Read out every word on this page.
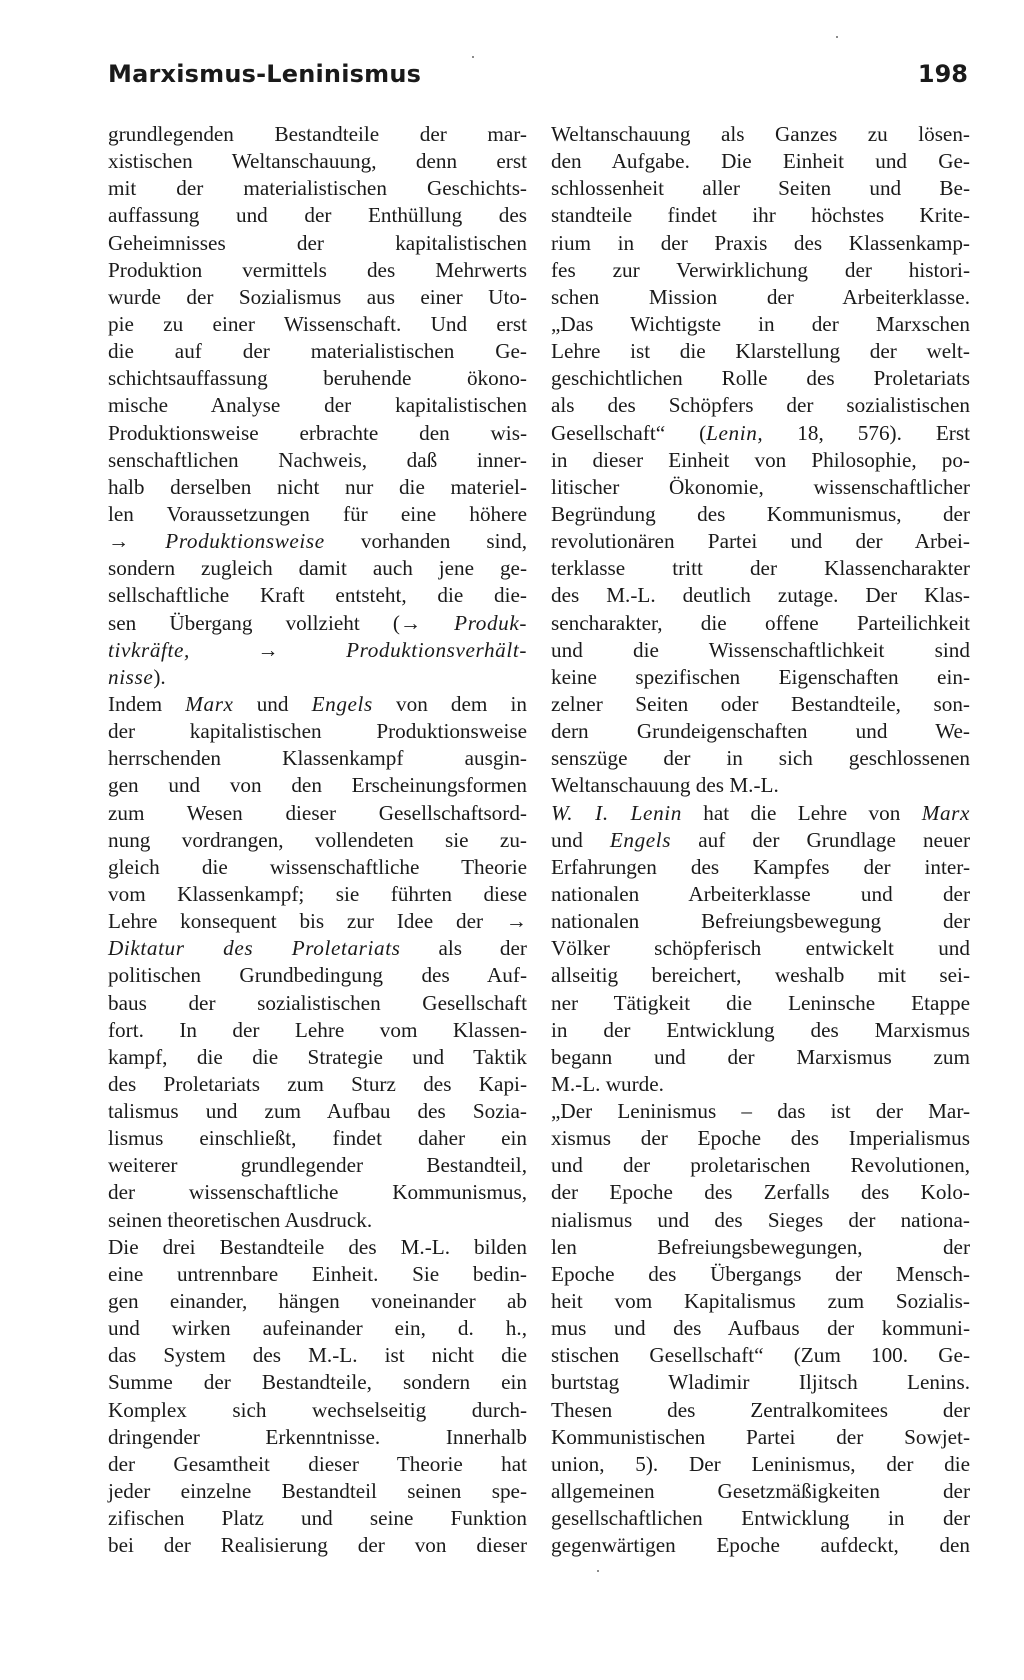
Marxismus-Leninismus	198
grundlegenden Bestandteile der mar-
xistischen Weltanschauung, denn erst
mit der materialistischen Geschichts-
auffassung und der Enthüllung des
Geheimnisses der kapitalistischen
Produktion vermittels des Mehrwerts
wurde der Sozialismus aus einer Uto-
pie zu einer Wissenschaft. Und erst
die auf der materialistischen Ge-
schichtsauffassung beruhende ökono-
mische Analyse der kapitalistischen
Produktionsweise erbrachte den wis-
senschaftlichen Nachweis, daß inner-
halb derselben nicht nur die materiel-
len Voraussetzungen für eine höhere
→ Produktionsweise vorhanden sind,
sondern zugleich damit auch jene ge-
sellschaftliche Kraft entsteht, die die-
sen Übergang vollzieht (→ Produk-
tivkräfte, → Produktionsverhält-
nisse).
Indem Marx und Engels von dem in
der kapitalistischen Produktionsweise
herrschenden Klassenkampf ausgin-
gen und von den Erscheinungsformen
zum Wesen dieser Gesellschaftsord-
nung vordrangen, vollendeten sie zu-
gleich die wissenschaftliche Theorie
vom Klassenkampf; sie führten diese
Lehre konsequent bis zur Idee der →
Diktatur des Proletariats als der
politischen Grundbedingung des Auf-
baus der sozialistischen Gesellschaft
fort. In der Lehre vom Klassen-
kampf, die die Strategie und Taktik
des Proletariats zum Sturz des Kapi-
talismus und zum Aufbau des Sozia-
lismus einschließt, findet daher ein
weiterer grundlegender Bestandteil,
der wissenschaftliche Kommunismus,
seinen theoretischen Ausdruck.
Die drei Bestandteile des M.-L. bilden
eine untrennbare Einheit. Sie bedin-
gen einander, hängen voneinander ab
und wirken aufeinander ein, d. h.,
das System des M.-L. ist nicht die
Summe der Bestandteile, sondern ein
Komplex sich wechselseitig durch-
dringender Erkenntnisse. Innerhalb
der Gesamtheit dieser Theorie hat
jeder einzelne Bestandteil seinen spe-
zifischen Platz und seine Funktion
bei der Realisierung der von dieser
Weltanschauung als Ganzes zu lösen-
den Aufgabe. Die Einheit und Ge-
schlossenheit aller Seiten und Be-
standteile findet ihr höchstes Krite-
rium in der Praxis des Klassenkamp-
fes zur Verwirklichung der histori-
schen Mission der Arbeiterklasse.
„Das Wichtigste in der Marxschen
Lehre ist die Klarstellung der welt-
geschichtlichen Rolle des Proletariats
als des Schöpfers der sozialistischen
Gesellschaft“ (Lenin, 18, 576). Erst
in dieser Einheit von Philosophie, po-
litischer Ökonomie, wissenschaftlicher
Begründung des Kommunismus, der
revolutionären Partei und der Arbei-
terklasse tritt der Klassencharakter
des M.-L. deutlich zutage. Der Klas-
sencharakter, die offene Parteilichkeit
und die Wissenschaftlichkeit sind
keine spezifischen Eigenschaften ein-
zelner Seiten oder Bestandteile, son-
dern Grundeigenschaften und We-
senszüge der in sich geschlossenen
Weltanschauung des M.-L.
W. I. Lenin hat die Lehre von Marx
und Engels auf der Grundlage neuer
Erfahrungen des Kampfes der inter-
nationalen Arbeiterklasse und der
nationalen Befreiungsbewegung der
Völker schöpferisch entwickelt und
allseitig bereichert, weshalb mit sei-
ner Tätigkeit die Leninsche Etappe
in der Entwicklung des Marxismus
begann und der Marxismus zum
M.-L. wurde.
„Der Leninismus – das ist der Mar-
xismus der Epoche des Imperialismus
und der proletarischen Revolutionen,
der Epoche des Zerfalls des Kolo-
nialismus und des Sieges der nationa-
len Befreiungsbewegungen, der
Epoche des Übergangs der Mensch-
heit vom Kapitalismus zum Sozialis-
mus und des Aufbaus der kommuni-
stischen Gesellschaft“ (Zum 100. Ge-
burtstag Wladimir Iljitsch Lenins.
Thesen des Zentralkomitees der
Kommunistischen Partei der Sowjet-
union, 5). Der Leninismus, der die
allgemeinen Gesetzmäßigkeiten der
gesellschaftlichen Entwicklung in der
gegenwärtigen Epoche aufdeckt, den
